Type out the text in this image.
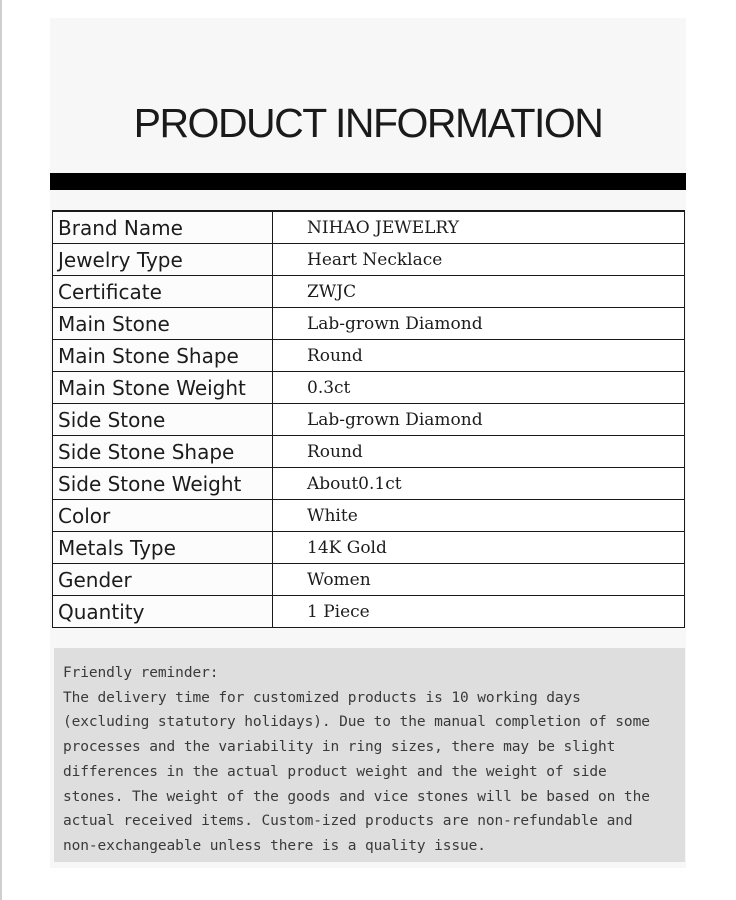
PRODUCT INFORMATION
Brand Name	NIHAO JEWELRY
Jewelry Type	Heart Necklace
Certificate	ZWJC
Main Stone	Lab-grown Diamond
Main Stone Shape	Round
Main Stone Weight	0.3ct
Side Stone	Lab-grown Diamond
Side Stone Shape	Round
Side Stone Weight	About0.1ct
Color	White
Metals Type	14K Gold
Gender	Women
Quantity	1 Piece

Friendly reminder:

The delivery time for customized products is 10 working days (excluding statutory holidays). Due to the manual completion of some processes and the variability in ring sizes, there may be slight differences in the actual product weight and the weight of side stones. The weight of the goods and vice stones will be based on the actual received items. Custom-ized products are non-refundable and non-exchangeable unless there is a quality issue.
